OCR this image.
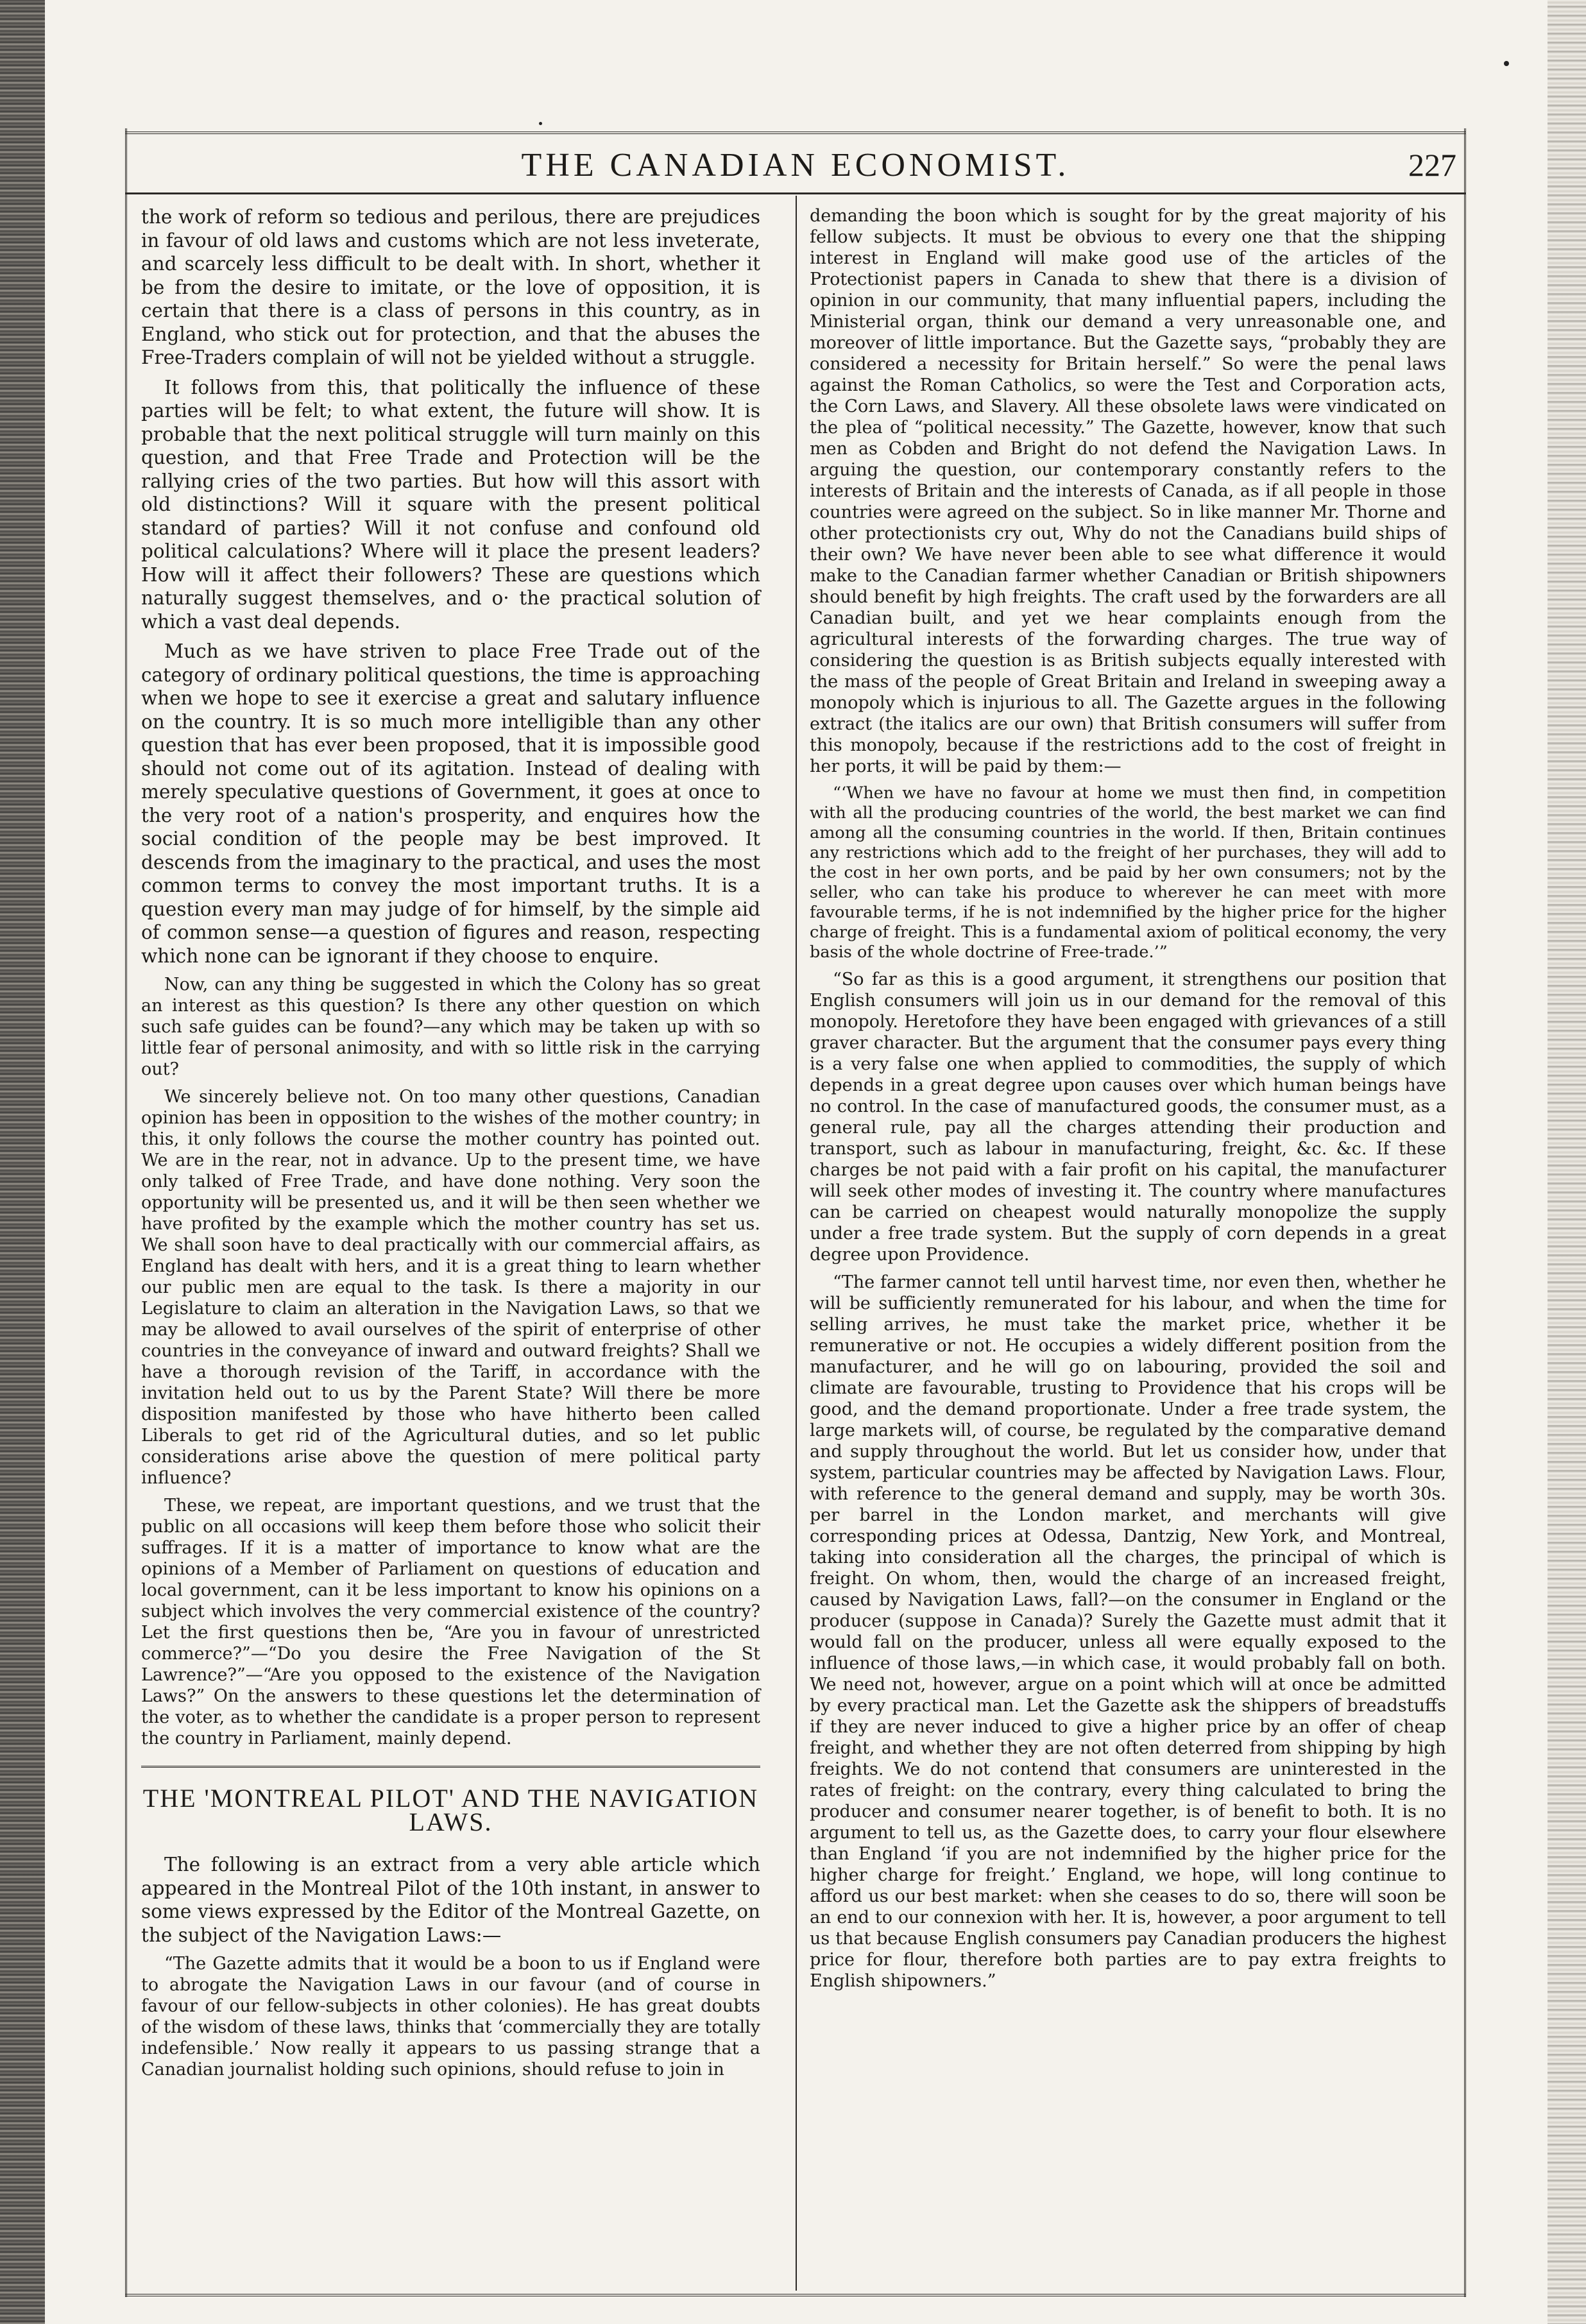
THE CANADIAN ECONOMIST.	227

the work of reform so tedious and perilous, there are prejudices in favour of old laws and customs which are not less inveterate, and scarcely less difficult to be dealt with. In short, whether it be from the desire to imitate, or the love of opposition, it is certain that there is a class of persons in this country, as in England, who stick out for protection, and that the abuses the Free-Traders complain of will not be yielded without a struggle.

It follows from this, that politically the influence of these parties will be felt; to what extent, the future will show. It is probable that the next political struggle will turn mainly on this question, and that Free Trade and Protection will be the rallying cries of the two parties. But how will this assort with old distinctions? Will it square with the present political standard of parties? Will it not confuse and confound old political calculations? Where will it place the present leaders? How will it affect their followers? These are questions which naturally suggest themselves, and o· the practical solution of which a vast deal depends.

Much as we have striven to place Free Trade out of the category of ordinary political questions, the time is approaching when we hope to see it exercise a great and salutary influence on the country. It is so much more intelligible than any other question that has ever been proposed, that it is impossible good should not come out of its agitation. Instead of dealing with merely speculative questions of Government, it goes at once to the very root of a nation's prosperity, and enquires how the social condition of the people may be best improved. It descends from the imaginary to the practical, and uses the most common terms to convey the most important truths. It is a question every man may judge of for himself, by the simple aid of common sense—a question of figures and reason, respecting which none can be ignorant if they choose to enquire.

Now, can any thing be suggested in which the Colony has so great an interest as this question? Is there any other question on which such safe guides can be found?—any which may be taken up with so little fear of personal animosity, and with so little risk in the carrying out?

We sincerely believe not. On too many other questions, Canadian opinion has been in opposition to the wishes of the mother country; in this, it only follows the course the mother country has pointed out. We are in the rear, not in advance. Up to the present time, we have only talked of Free Trade, and have done nothing. Very soon the opportunity will be presented us, and it will be then seen whether we have profited by the example which the mother country has set us. We shall soon have to deal practically with our commercial affairs, as England has dealt with hers, and it is a great thing to learn whether our public men are equal to the task. Is there a majority in our Legislature to claim an alteration in the Navigation Laws, so that we may be allowed to avail ourselves of the spirit of enterprise of other countries in the conveyance of inward and outward freights? Shall we have a thorough revision of the Tariff, in accordance with the invitation held out to us by the Parent State? Will there be more disposition manifested by those who have hitherto been called Liberals to get rid of the Agricultural duties, and so let public considerations arise above the question of mere political party influence?

These, we repeat, are important questions, and we trust that the public on all occasions will keep them before those who solicit their suffrages. If it is a matter of importance to know what are the opinions of a Member of Parliament on questions of education and local government, can it be less important to know his opinions on a subject which involves the very commercial existence of the country? Let the first questions then be, “Are you in favour of unrestricted commerce?”—“Do you desire the Free Navigation of the St Lawrence?”—“Are you opposed to the existence of the Navigation Laws?” On the answers to these questions let the determination of the voter, as to whether the candidate is a proper person to represent the country in Parliament, mainly depend.

THE 'MONTREAL PILOT' AND THE NAVIGATION LAWS.

The following is an extract from a very able article which appeared in the Montreal Pilot of the 10th instant, in answer to some views expressed by the Editor of the Montreal Gazette, on the subject of the Navigation Laws:—

“The Gazette admits that it would be a boon to us if England were to abrogate the Navigation Laws in our favour (and of course in favour of our fellow-subjects in other colonies). He has great doubts of the wisdom of these laws, thinks that ‘commercially they are totally indefensible.’ Now really it appears to us passing strange that a Canadian journalist holding such opinions, should refuse to join in

demanding the boon which is sought for by the great majority of his fellow subjects. It must be obvious to every one that the shipping interest in England will make good use of the articles of the Protectionist papers in Canada to shew that there is a division of opinion in our community, that many influential papers, including the Ministerial organ, think our demand a very unreasonable one, and moreover of little importance. But the Gazette says, “probably they are considered a necessity for Britain herself.” So were the penal laws against the Roman Catholics, so were the Test and Corporation acts, the Corn Laws, and Slavery. All these obsolete laws were vindicated on the plea of “political necessity.” The Gazette, however, know that such men as Cobden and Bright do not defend the Navigation Laws. In arguing the question, our contemporary constantly refers to the interests of Britain and the interests of Canada, as if all people in those countries were agreed on the subject. So in like manner Mr. Thorne and other protectionists cry out, Why do not the Canadians build ships of their own? We have never been able to see what difference it would make to the Canadian farmer whether Canadian or British shipowners should benefit by high freights. The craft used by the forwarders are all Canadian built, and yet we hear complaints enough from the agricultural interests of the forwarding charges. The true way of considering the question is as British subjects equally interested with the mass of the people of Great Britain and Ireland in sweeping away a monopoly which is injurious to all. The Gazette argues in the following extract (the italics are our own) that British consumers will suffer from this monopoly, because if the restrictions add to the cost of freight in her ports, it will be paid by them:—

“‘When we have no favour at home we must then find, in competition with all the producing countries of the world, the best market we can find among all the consuming countries in the world. If then, Britain continues any restrictions which add to the freight of her purchases, they will add to the cost in her own ports, and be paid by her own consumers; not by the seller, who can take his produce to wherever he can meet with more favourable terms, if he is not indemnified by the higher price for the higher charge of freight. This is a fundamental axiom of political economy, the very basis of the whole doctrine of Free-trade.’”

“So far as this is a good argument, it strengthens our position that English consumers will join us in our demand for the removal of this monopoly. Heretofore they have been engaged with grievances of a still graver character. But the argument that the consumer pays every thing is a very false one when applied to commodities, the supply of which depends in a great degree upon causes over which human beings have no control. In the case of manufactured goods, the consumer must, as a general rule, pay all the charges attending their production and transport, such as labour in manufacturing, freight, &c. &c. If these charges be not paid with a fair profit on his capital, the manufacturer will seek other modes of investing it. The country where manufactures can be carried on cheapest would naturally monopolize the supply under a free trade system. But the supply of corn depends in a great degree upon Providence.

“The farmer cannot tell until harvest time, nor even then, whether he will be sufficiently remunerated for his labour, and when the time for selling arrives, he must take the market price, whether it be remunerative or not. He occupies a widely different position from the manufacturer, and he will go on labouring, provided the soil and climate are favourable, trusting to Providence that his crops will be good, and the demand proportionate. Under a free trade system, the large markets will, of course, be regulated by the comparative demand and supply throughout the world. But let us consider how, under that system, particular countries may be affected by Navigation Laws. Flour, with reference to the general demand and supply, may be worth 30s. per barrel in the London market, and merchants will give corresponding prices at Odessa, Dantzig, New York, and Montreal, taking into consideration all the charges, the principal of which is freight. On whom, then, would the charge of an increased freight, caused by Navigation Laws, fall?—on the consumer in England or the producer (suppose in Canada)? Surely the Gazette must admit that it would fall on the producer, unless all were equally exposed to the influence of those laws,—in which case, it would probably fall on both. We need not, however, argue on a point which will at once be admitted by every practical man. Let the Gazette ask the shippers of breadstuffs if they are never induced to give a higher price by an offer of cheap freight, and whether they are not often deterred from shipping by high freights. We do not contend that consumers are uninterested in the rates of freight: on the contrary, every thing calculated to bring the producer and consumer nearer together, is of benefit to both. It is no argument to tell us, as the Gazette does, to carry your flour elsewhere than England ‘if you are not indemnified by the higher price for the higher charge for freight.’ England, we hope, will long continue to afford us our best market: when she ceases to do so, there will soon be an end to our connexion with her. It is, however, a poor argument to tell us that because English consumers pay Canadian producers the highest price for flour, therefore both parties are to pay extra freights to English shipowners.”
